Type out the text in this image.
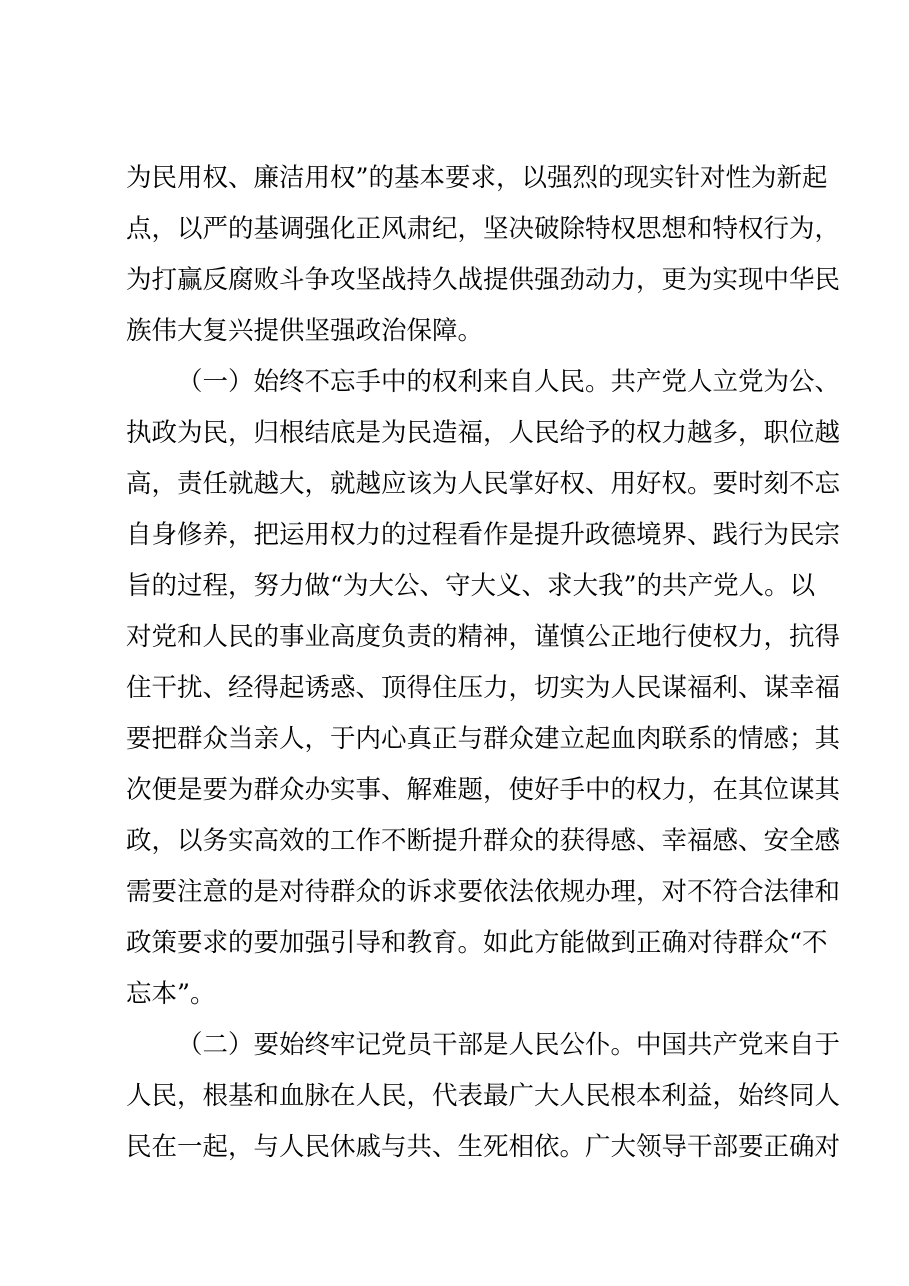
为民用权、廉洁用权”的基本要求，以强烈的现实针对性为新起
点，以严的基调强化正风肃纪，坚决破除特权思想和特权行为，
为打赢反腐败斗争攻坚战持久战提供强劲动力，更为实现中华民
族伟大复兴提供坚强政治保障。
（一）始终不忘手中的权利来自人民。共产党人立党为公、
执政为民，归根结底是为民造福，人民给予的权力越多，职位越
高，责任就越大，就越应该为人民掌好权、用好权。要时刻不忘
自身修养，把运用权力的过程看作是提升政德境界、践行为民宗
旨的过程，努力做“为大公、守大义、求大我”的共产党人。以
对党和人民的事业高度负责的精神，谨慎公正地行使权力，抗得
住干扰、经得起诱惑、顶得住压力，切实为人民谋福利、谋幸福
要把群众当亲人，于内心真正与群众建立起血肉联系的情感；其
次便是要为群众办实事、解难题，使好手中的权力，在其位谋其
政，以务实高效的工作不断提升群众的获得感、幸福感、安全感
需要注意的是对待群众的诉求要依法依规办理，对不符合法律和
政策要求的要加强引导和教育。如此方能做到正确对待群众“不
忘本”。
（二）要始终牢记党员干部是人民公仆。中国共产党来自于
人民，根基和血脉在人民，代表最广大人民根本利益，始终同人
民在一起，与人民休戚与共、生死相依。广大领导干部要正确对
